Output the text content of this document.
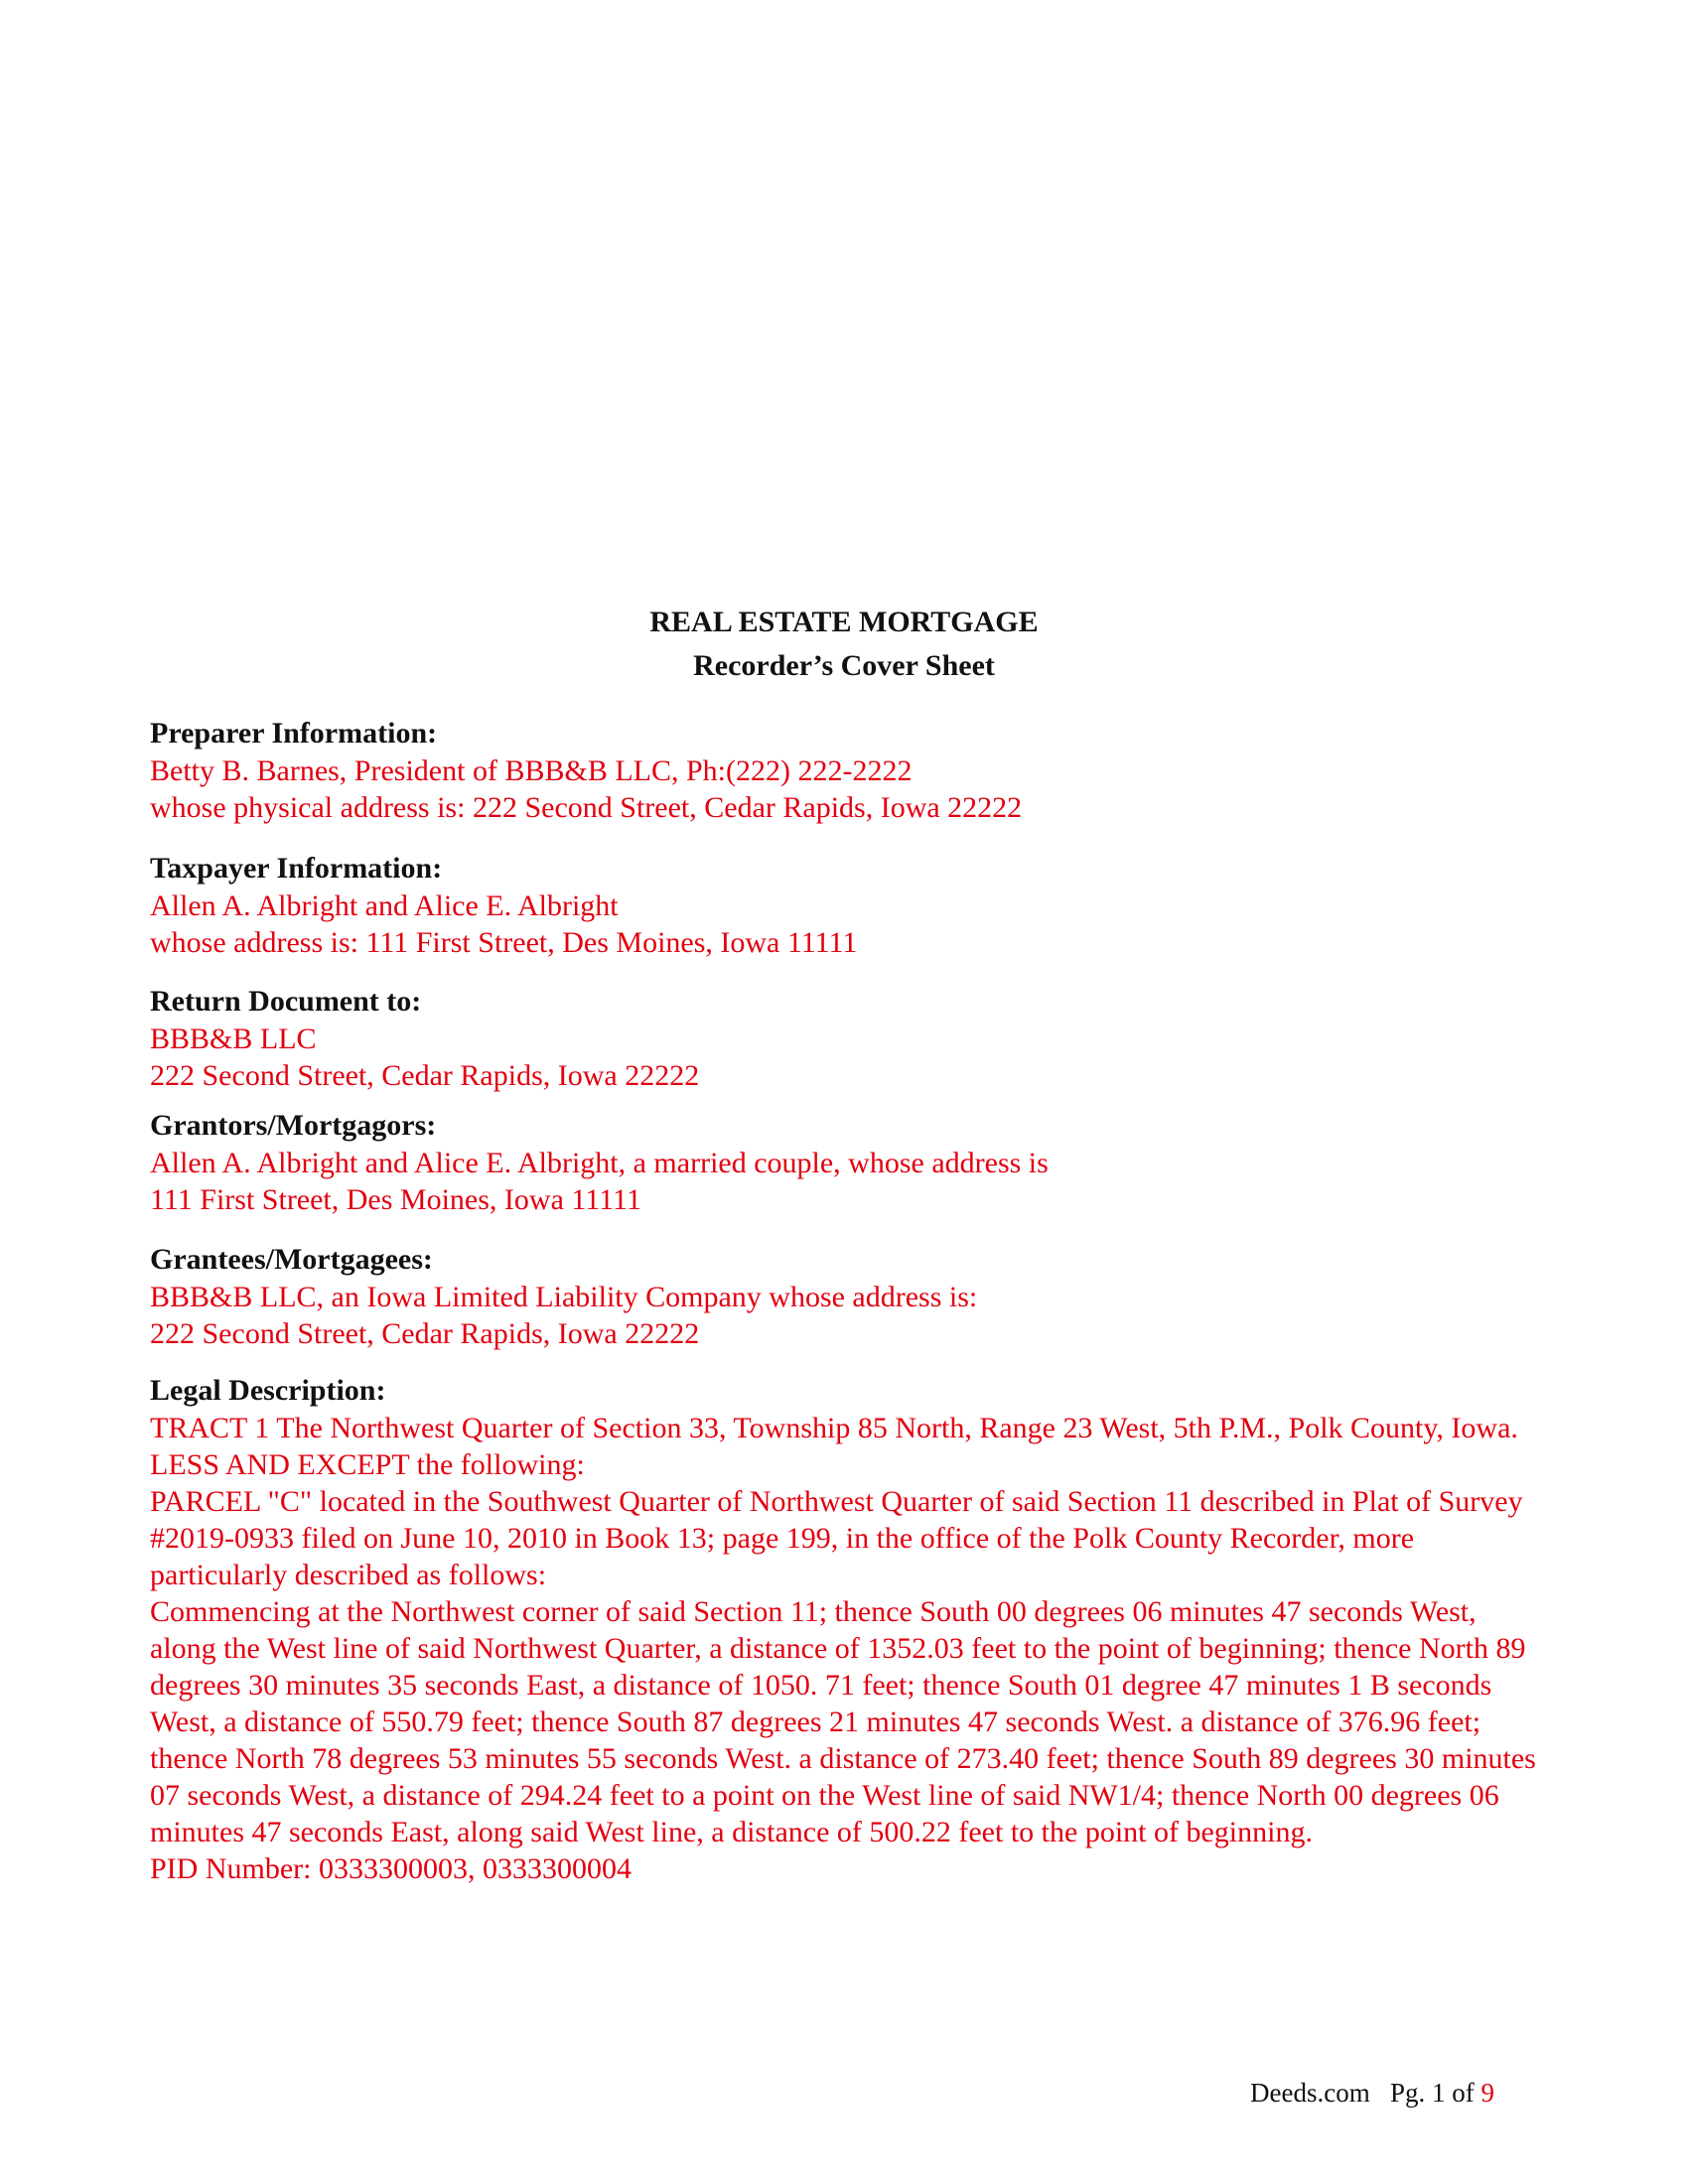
REAL ESTATE MORTGAGE
Recorder’s Cover Sheet
Preparer Information:
Betty B. Barnes, President of BBB&B LLC, Ph:(222) 222-2222
whose physical address is: 222 Second Street, Cedar Rapids, Iowa 22222
Taxpayer Information:
Allen A. Albright and Alice E. Albright
whose address is: 111 First Street, Des Moines, Iowa 11111
Return Document to:
BBB&B LLC
222 Second Street, Cedar Rapids, Iowa 22222
Grantors/Mortgagors:
Allen A. Albright and Alice E. Albright, a married couple, whose address is
111 First Street, Des Moines, Iowa 11111
Grantees/Mortgagees:
BBB&B LLC, an Iowa Limited Liability Company whose address is:
222 Second Street, Cedar Rapids, Iowa 22222
Legal Description:
TRACT 1 The Northwest Quarter of Section 33, Township 85 North, Range 23 West, 5th P.M., Polk County, Iowa. LESS AND EXCEPT the following:
PARCEL "C" located in the Southwest Quarter of Northwest Quarter of said Section 11 described in Plat of Survey #2019-0933 filed on June 10, 2010 in Book 13; page 199, in the office of the Polk County Recorder, more particularly described as follows:
Commencing at the Northwest corner of said Section 11; thence South 00 degrees 06 minutes 47 seconds West, along the West line of said Northwest Quarter, a distance of 1352.03 feet to the point of beginning; thence North 89 degrees 30 minutes 35 seconds East, a distance of 1050. 71 feet; thence South 01 degree 47 minutes 1 B seconds West, a distance of 550.79 feet; thence South 87 degrees 21 minutes 47 seconds West. a distance of 376.96 feet; thence North 78 degrees 53 minutes 55 seconds West. a distance of 273.40 feet; thence South 89 degrees 30 minutes 07 seconds West, a distance of 294.24 feet to a point on the West line of said NW1/4; thence North 00 degrees 06 minutes 47 seconds East, along said West line, a distance of 500.22 feet to the point of beginning.
PID Number: 0333300003, 0333300004
Deeds.com Pg. 1 of 9
